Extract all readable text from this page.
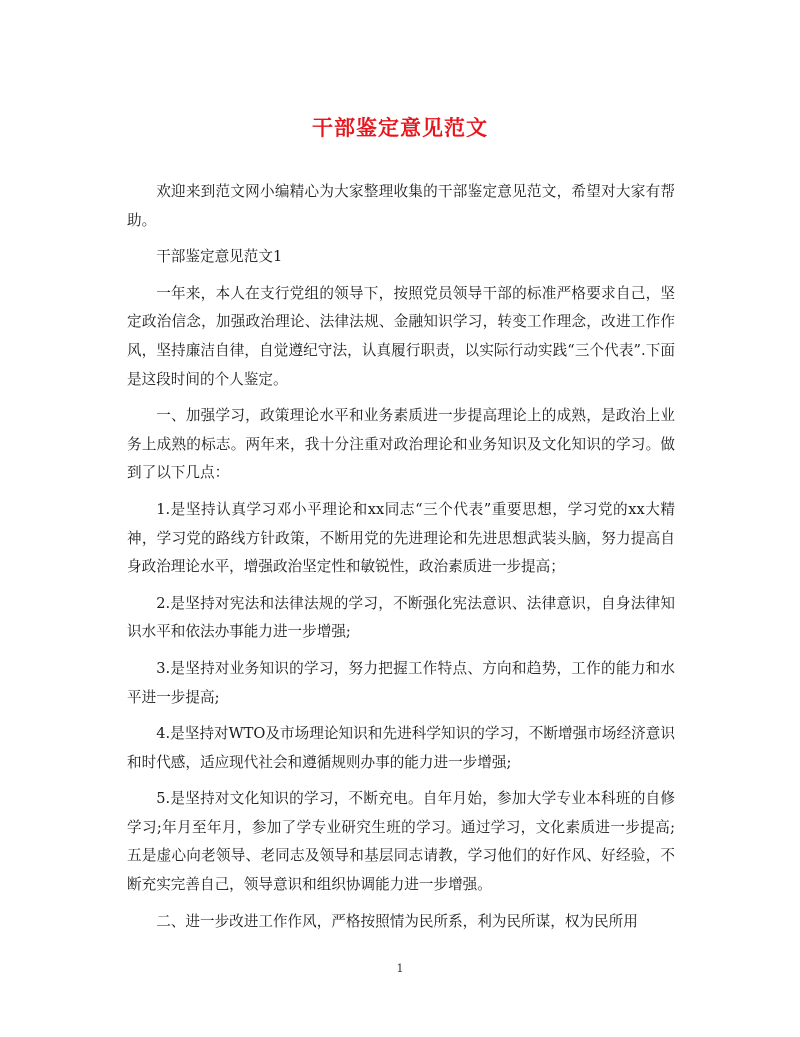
干部鉴定意见范文

欢迎来到范文网小编精心为大家整理收集的干部鉴定意见范文，希望对大家有帮助。

干部鉴定意见范文1

一年来，本人在支行党组的领导下，按照党员领导干部的标准严格要求自己，坚定政治信念，加强政治理论、法律法规、金融知识学习，转变工作理念，改进工作作风，坚持廉洁自律，自觉遵纪守法，认真履行职责，以实际行动实践“三个代表”.下面是这段时间的个人鉴定。

一、加强学习，政策理论水平和业务素质进一步提高理论上的成熟，是政治上业务上成熟的标志。两年来，我十分注重对政治理论和业务知识及文化知识的学习。做到了以下几点：

1.是坚持认真学习邓小平理论和xx同志“三个代表”重要思想，学习党的xx大精神，学习党的路线方针政策，不断用党的先进理论和先进思想武装头脑，努力提高自身政治理论水平，增强政治坚定性和敏锐性，政治素质进一步提高；

2.是坚持对宪法和法律法规的学习，不断强化宪法意识、法律意识，自身法律知识水平和依法办事能力进一步增强;

3.是坚持对业务知识的学习，努力把握工作特点、方向和趋势，工作的能力和水平进一步提高;

4.是坚持对WTO及市场理论知识和先进科学知识的学习，不断增强市场经济意识和时代感，适应现代社会和遵循规则办事的能力进一步增强;

5.是坚持对文化知识的学习，不断充电。自年月始，参加大学专业本科班的自修学习;年月至年月，参加了学专业研究生班的学习。通过学习，文化素质进一步提高;五是虚心向老领导、老同志及领导和基层同志请教，学习他们的好作风、好经验，不断充实完善自己，领导意识和组织协调能力进一步增强。

二、进一步改进工作作风，严格按照情为民所系，利为民所谋，权为民所用

1
